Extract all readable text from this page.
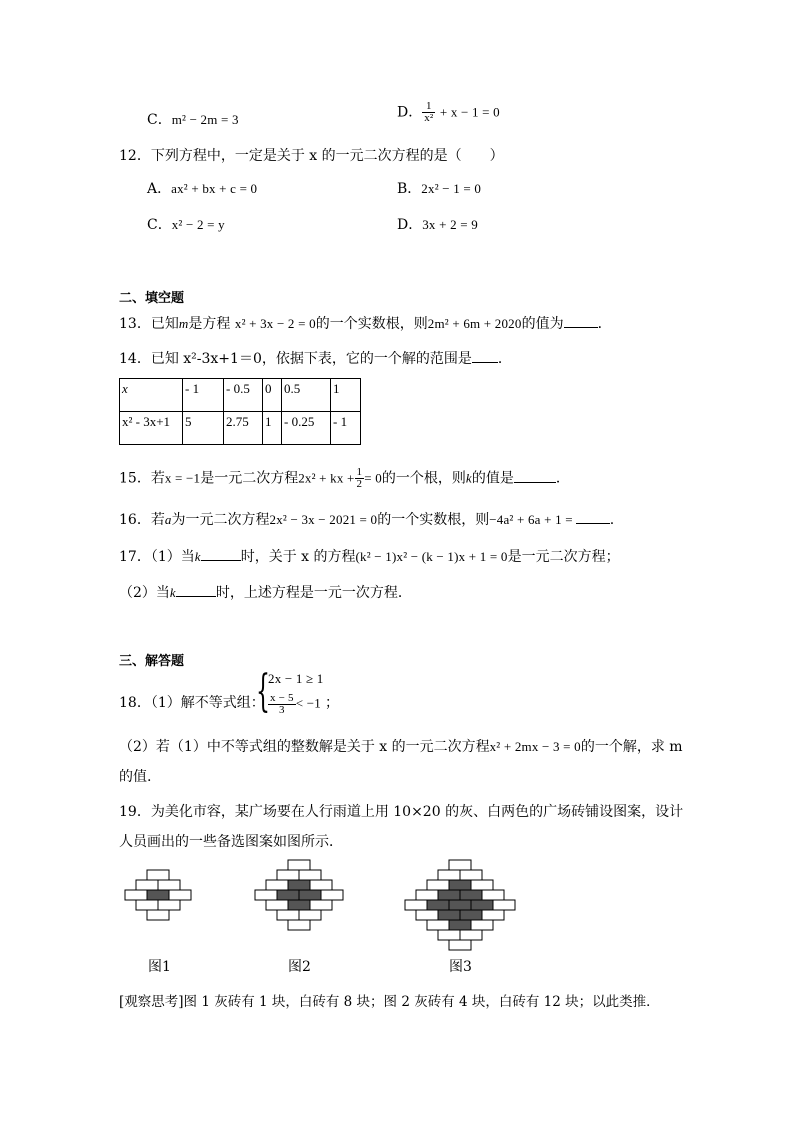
C．m² − 2m = 3	D． $\frac{1}{\text{x²}} + x - 1 = 0$
12．下列方程中，一定是关于 x 的一元二次方程的是（　　）
A．ax² + bx + c = 0	B．2x² − 1 = 0
C．x² − 2 = y	D．3x + 2 = 9
二、填空题
13．已知m是方程 x² + 3x − 2 = 0的一个实数根，则2m² + 6m + 2020的值为 ．
14．已知 x²-3x+1＝0，依据下表，它的一个解的范围是 ．
x	- 1	- 0.5	0	0.5	1
x² - 3x+1	5	2.75	1	- 0.25	- 1
15．若x = −1是一元二次方程2x² + kx + $\frac{1}{2} = 0$的一个根，则k的值是	．
16．若a为一元二次方程2x² − 3x − 2021 = 0的一个实数根，则−4a² + 6a + 1 =	.
17．（1）当k	时，关于 x 的方程(k² − 1)x² − (k − 1)x + 1 = 0是一元二次方程；
（2）当k	时，上述方程是一元一次方程．
三、解答题
18．（1）解不等式组：
{
2x − 1 ≥ 1
$\frac{x - 5}{3} < -1$ ；
（2）若（1）中不等式组的整数解是关于 x 的一元二次方程x² + 2mx − 3 = 0的一个解，求 m
的值.
19．为美化市容，某广场要在人行雨道上用 10×20 的灰、白两色的广场砖铺设图案，设计
人员画出的一些备选图案如图所示．
图1	图2	图3
[观察思考]图 1 灰砖有 1 块，白砖有 8 块；图 2 灰砖有 4 块，白砖有 12 块；以此类推．
